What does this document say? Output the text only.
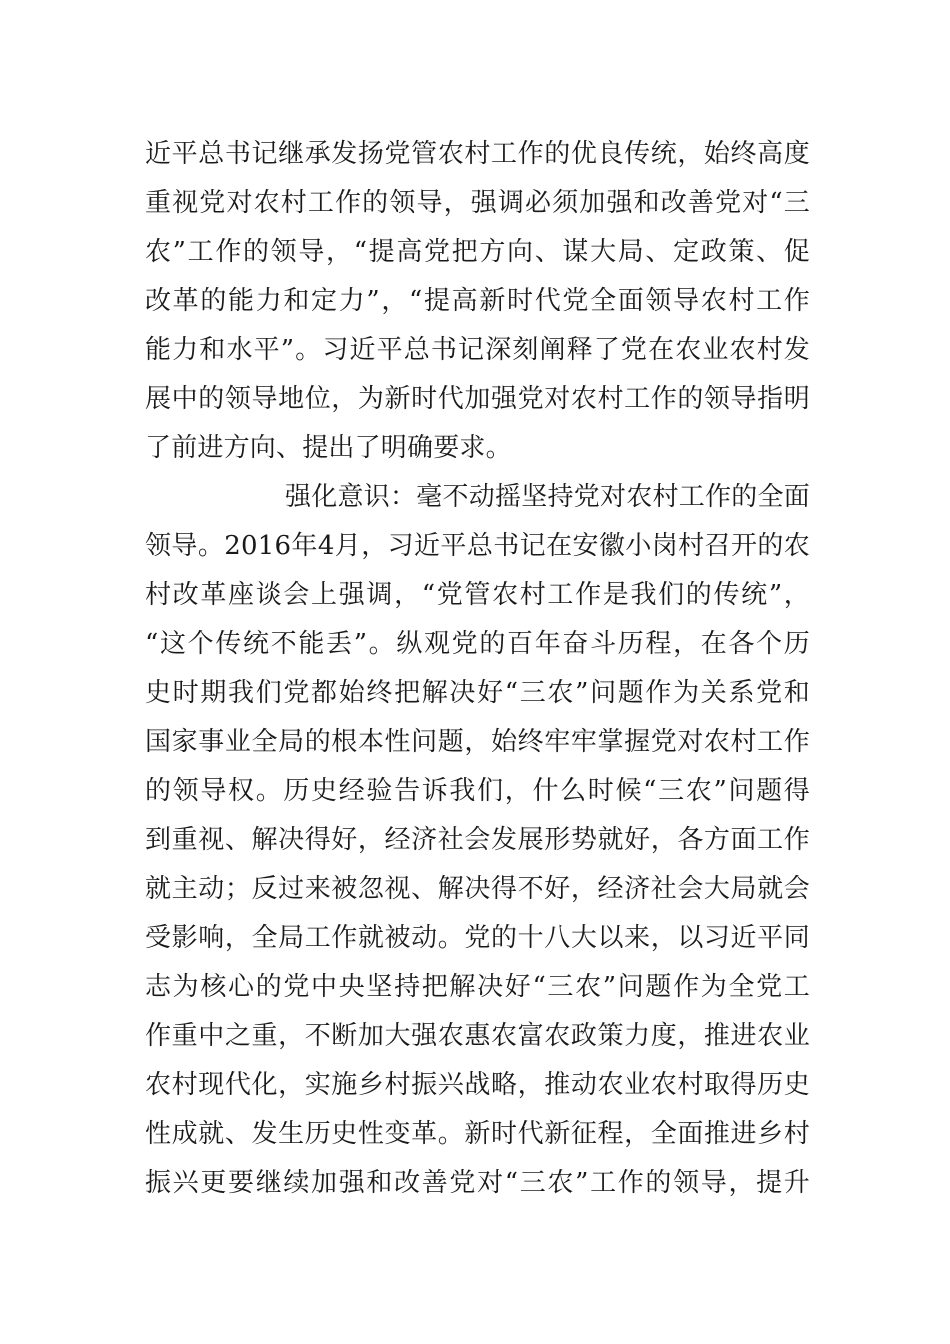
近平总书记继承发扬党管农村工作的优良传统，始终高度
重视党对农村工作的领导，强调必须加强和改善党对“三
农”工作的领导，“提高党把方向、谋大局、定政策、促
改革的能力和定力”，“提高新时代党全面领导农村工作
能力和水平”。习近平总书记深刻阐释了党在农业农村发
展中的领导地位，为新时代加强党对农村工作的领导指明
了前进方向、提出了明确要求。
强化意识：毫不动摇坚持党对农村工作的全面
领导。2016年4月，习近平总书记在安徽小岗村召开的农
村改革座谈会上强调，“党管农村工作是我们的传统”，
“这个传统不能丢”。纵观党的百年奋斗历程，在各个历
史时期我们党都始终把解决好“三农”问题作为关系党和
国家事业全局的根本性问题，始终牢牢掌握党对农村工作
的领导权。历史经验告诉我们，什么时候“三农”问题得
到重视、解决得好，经济社会发展形势就好，各方面工作
就主动；反过来被忽视、解决得不好，经济社会大局就会
受影响，全局工作就被动。党的十八大以来，以习近平同
志为核心的党中央坚持把解决好“三农”问题作为全党工
作重中之重，不断加大强农惠农富农政策力度，推进农业
农村现代化，实施乡村振兴战略，推动农业农村取得历史
性成就、发生历史性变革。新时代新征程，全面推进乡村
振兴更要继续加强和改善党对“三农”工作的领导，提升
